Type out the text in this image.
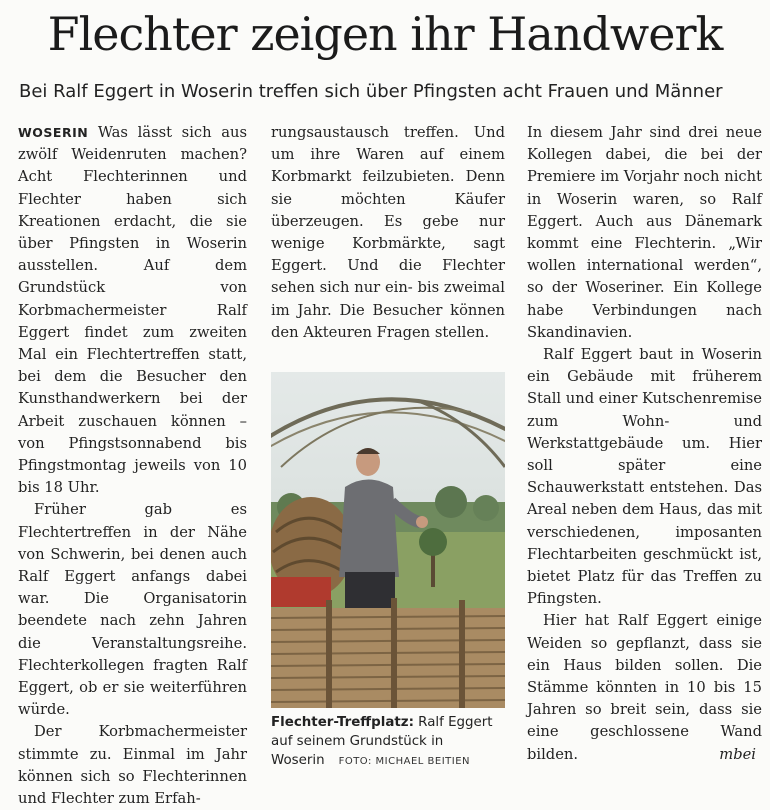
Flechter zeigen ihr Handwerk
Bei Ralf Eggert in Woserin treffen sich über Pfingsten acht Frauen und Männer

WOSERIN Was lässt sich aus zwölf Weidenruten machen? Acht Flechterinnen und Flechter haben sich Kreationen erdacht, die sie über Pfingsten in Woserin ausstellen. Auf dem Grundstück von Korbmachermeister Ralf Eggert findet zum zweiten Mal ein Flechtertreffen statt, bei dem die Besucher den Kunsthandwerkern bei der Arbeit zuschauen können – von Pfingstsonnabend bis Pfingstmontag jeweils von 10 bis 18 Uhr.

Früher gab es Flechtertreffen in der Nähe von Schwerin, bei denen auch Ralf Eggert anfangs dabei war. Die Organisatorin beendete nach zehn Jahren die Veranstaltungsreihe. Flechterkollegen fragten Ralf Eggert, ob er sie weiterführen würde.

Der Korbmachermeister stimmte zu. Einmal im Jahr können sich so Flechterinnen und Flechter zum Erfah-

rungsaustausch treffen. Und um ihre Waren auf einem Korbmarkt feilzubieten. Denn sie möchten Käufer überzeugen. Es gebe nur wenige Korbmärkte, sagt Eggert. Und die Flechter sehen sich nur ein- bis zweimal im Jahr. Die Besucher können den Akteuren Fragen stellen.

Flechter-Treffplatz: Ralf Eggert auf seinem Grundstück in Woserin FOTO: MICHAEL BEITIEN

In diesem Jahr sind drei neue Kollegen dabei, die bei der Premiere im Vorjahr noch nicht in Woserin waren, so Ralf Eggert. Auch aus Dänemark kommt eine Flechterin. „Wir wollen international werden“, so der Woseriner. Ein Kollege habe Verbindungen nach Skandinavien.

Ralf Eggert baut in Woserin ein Gebäude mit früherem Stall und einer Kutschenremise zum Wohn- und Werkstattgebäude um. Hier soll später eine Schauwerkstatt entstehen. Das Areal neben dem Haus, das mit verschiedenen, imposanten Flechtarbeiten geschmückt ist, bietet Platz für das Treffen zu Pfingsten.

Hier hat Ralf Eggert einige Weiden so gepflanzt, dass sie ein Haus bilden sollen. Die Stämme könnten in 10 bis 15 Jahren so breit sein, dass sie eine geschlossene Wand bilden.	mbei
